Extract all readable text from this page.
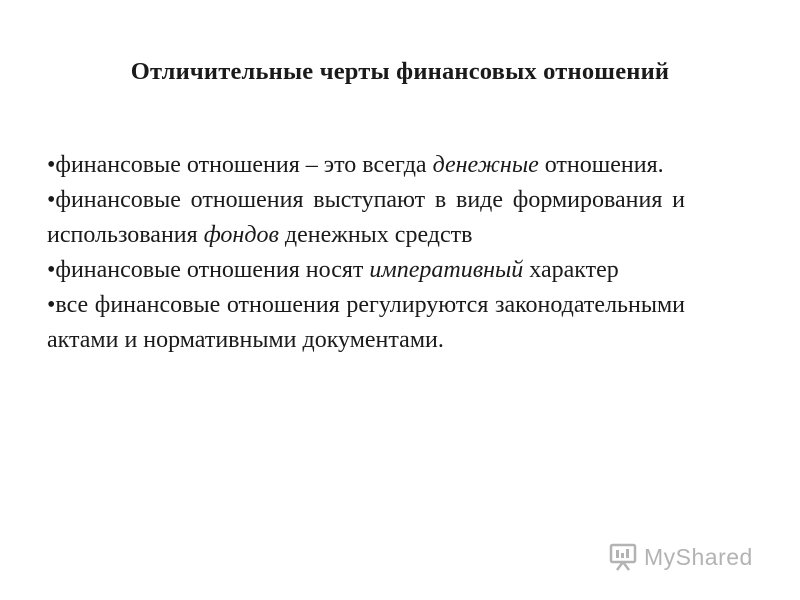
Отличительные черты финансовых отношений

•финансовые отношения – это всегда денежные отношения.

•финансовые отношения выступают в виде формирования и использования фондов денежных средств

•финансовые отношения носят императивный характер

•все финансовые отношения регулируются законодательными актами и нормативными документами.

MyShared
